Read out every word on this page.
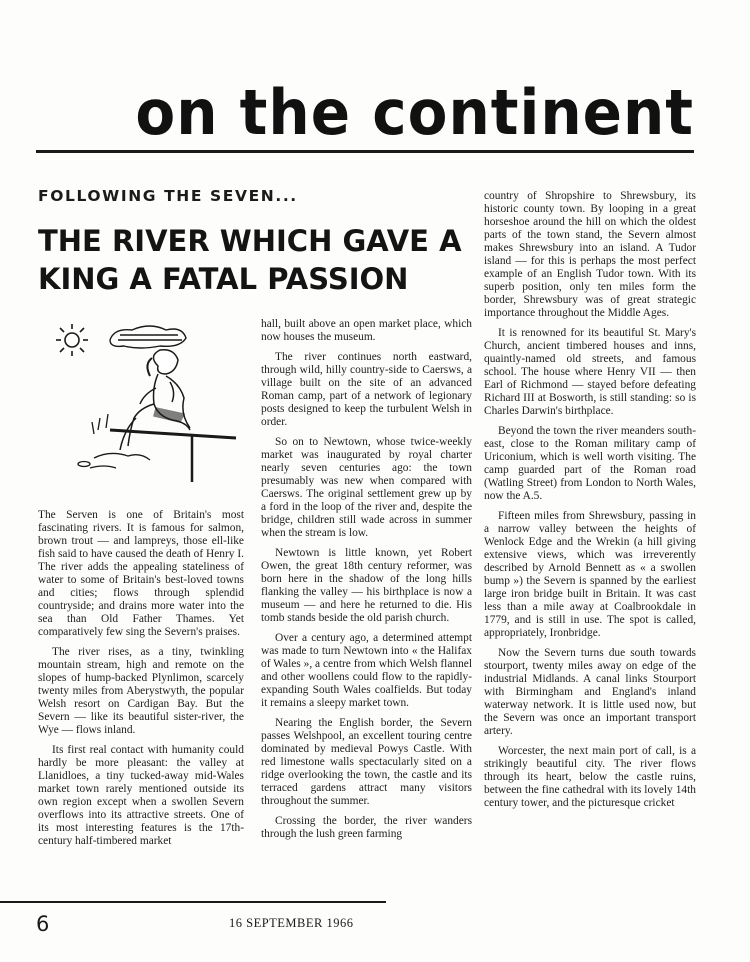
on the continent
FOLLOWING THE SEVEN...
THE RIVER WHICH GAVE A
KING A FATAL PASSION

The Serven is one of Britain's most fascinating rivers. It is famous for salmon, brown trout — and lampreys, those ell-like fish said to have caused the death of Henry I. The river adds the appealing stateliness of water to some of Britain's best-loved towns and cities; flows through splendid countryside; and drains more water into the sea than Old Father Thames. Yet comparatively few sing the Severn's praises.

The river rises, as a tiny, twinkling mountain stream, high and remote on the slopes of hump-backed Plynlimon, scarcely twenty miles from Aberystwyth, the popular Welsh resort on Cardigan Bay. But the Severn — like its beautiful sister-river, the Wye — flows inland.

Its first real contact with humanity could hardly be more pleasant: the valley at Llanidloes, a tiny tucked-away mid-Wales market town rarely mentioned outside its own region except when a swollen Severn overflows into its attractive streets. One of its most interesting features is the 17th-century half-timbered market

hall, built above an open market place, which now houses the museum.

The river continues north eastward, through wild, hilly country-side to Caersws, a village built on the site of an advanced Roman camp, part of a network of legionary posts designed to keep the turbulent Welsh in order.

So on to Newtown, whose twice-weekly market was inaugurated by royal charter nearly seven centuries ago: the town presumably was new when compared with Caersws. The original settlement grew up by a ford in the loop of the river and, despite the bridge, children still wade across in summer when the stream is low.

Newtown is little known, yet Robert Owen, the great 18th century reformer, was born here in the shadow of the long hills flanking the valley — his birthplace is now a museum — and here he returned to die. His tomb stands beside the old parish church.

Over a century ago, a determined attempt was made to turn Newtown into « the Halifax of Wales », a centre from which Welsh flannel and other woollens could flow to the rapidly-expanding South Wales coalfields. But today it remains a sleepy market town.

Nearing the English border, the Severn passes Welshpool, an excellent touring centre dominated by medieval Powys Castle. With red limestone walls spectacularly sited on a ridge overlooking the town, the castle and its terraced gardens attract many visitors throughout the summer.

Crossing the border, the river wanders through the lush green farming

country of Shropshire to Shrewsbury, its historic county town. By looping in a great horseshoe around the hill on which the oldest parts of the town stand, the Severn almost makes Shrewsbury into an island. A Tudor island — for this is perhaps the most perfect example of an English Tudor town. With its superb position, only ten miles form the border, Shrewsbury was of great strategic importance throughout the Middle Ages.

It is renowned for its beautiful St. Mary's Church, ancient timbered houses and inns, quaintly-named old streets, and famous school. The house where Henry VII — then Earl of Richmond — stayed before defeating Richard III at Bosworth, is still standing: so is Charles Darwin's birthplace.

Beyond the town the river meanders south-east, close to the Roman military camp of Uriconium, which is well worth visiting. The camp guarded part of the Roman road (Watling Street) from London to North Wales, now the A.5.

Fifteen miles from Shrewsbury, passing in a narrow valley between the heights of Wenlock Edge and the Wrekin (a hill giving extensive views, which was irreverently described by Arnold Bennett as « a swollen bump ») the Severn is spanned by the earliest large iron bridge built in Britain. It was cast less than a mile away at Coalbrookdale in 1779, and is still in use. The spot is called, appropriately, Ironbridge.

Now the Severn turns due south towards stourport, twenty miles away on edge of the industrial Midlands. A canal links Stourport with Birmingham and England's inland waterway network. It is little used now, but the Severn was once an important transport artery.

Worcester, the next main port of call, is a strikingly beautiful city. The river flows through its heart, below the castle ruins, between the fine cathedral with its lovely 14th century tower, and the picturesque cricket

6	16 SEPTEMBER 1966
